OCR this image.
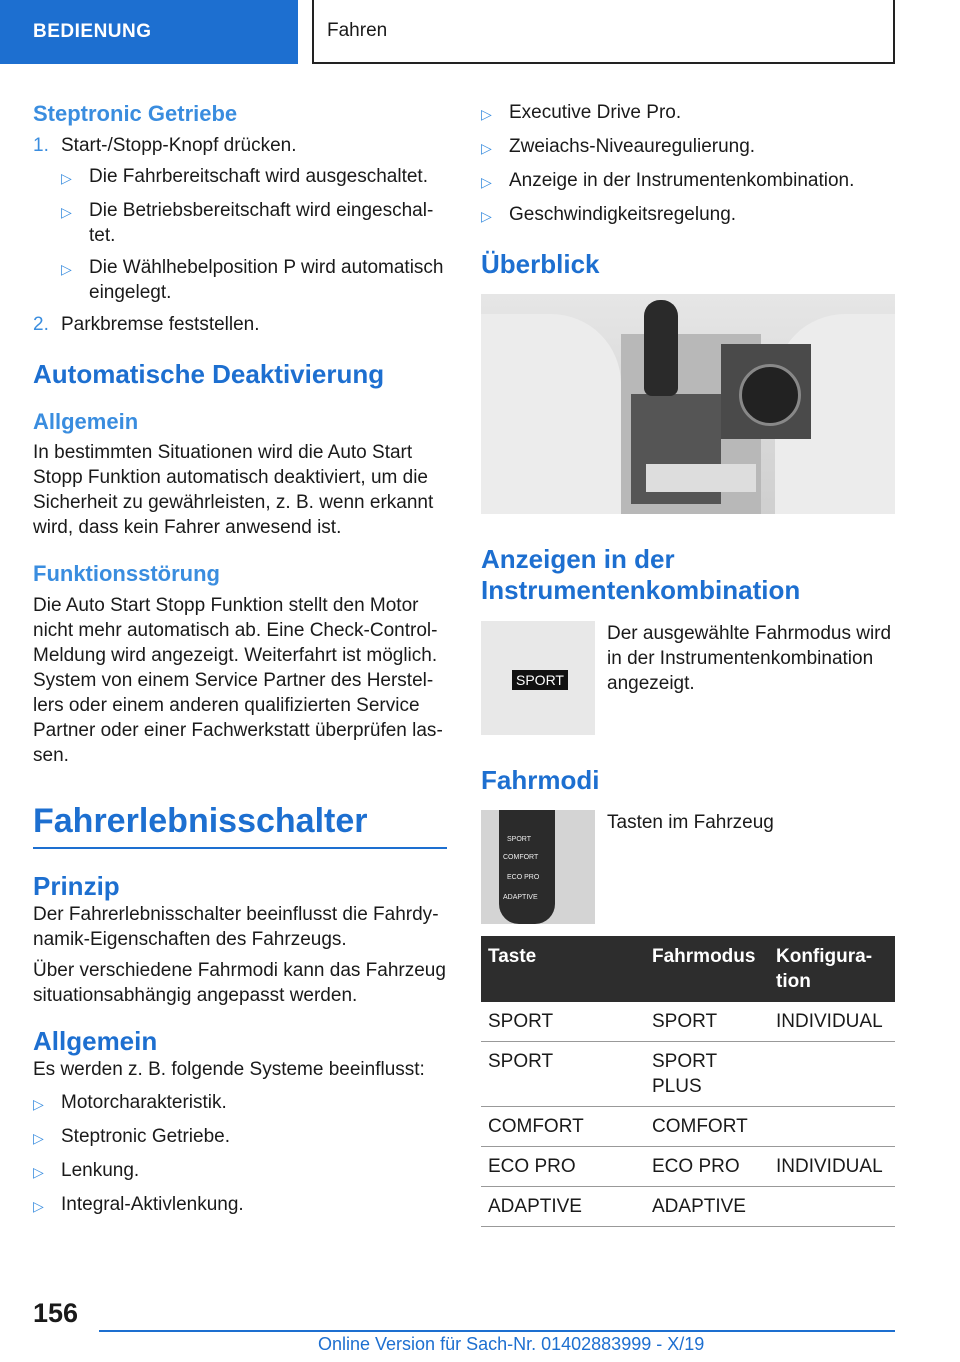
BEDIENUNG	Fahren
Steptronic Getriebe
1. Start-/Stopp-Knopf drücken.
▷ Die Fahrbereitschaft wird ausgeschaltet.
▷ Die Betriebsbereitschaft wird eingeschaltet.
▷ Die Wählhebelposition P wird automatisch eingelegt.
2. Parkbremse feststellen.
Automatische Deaktivierung
Allgemein

In bestimmten Situationen wird die Auto Start Stopp Funktion automatisch deaktiviert, um die Sicherheit zu gewährleisten, z. B. wenn erkannt wird, dass kein Fahrer anwesend ist.

Funktionsstörung

Die Auto Start Stopp Funktion stellt den Motor nicht mehr automatisch ab. Eine Check-Control-Meldung wird angezeigt. Weiterfahrt ist möglich. System von einem Service Partner des Herstellers oder einem anderen qualifizierten Service Partner oder einer Fachwerkstatt überprüfen lassen.

Fahrerlebnisschalter
Prinzip

Der Fahrerlebnisschalter beeinflusst die Fahrdynamik-Eigenschaften des Fahrzeugs.

Über verschiedene Fahrmodi kann das Fahrzeug situationsabhängig angepasst werden.

Allgemein

Es werden z. B. folgende Systeme beeinflusst:

▷ Motorcharakteristik.
▷ Steptronic Getriebe.
▷ Lenkung.
▷ Integral-Aktivlenkung.
▷ Executive Drive Pro.
▷ Zweiachs-Niveauregulierung.
▷ Anzeige in der Instrumentenkombination.
▷ Geschwindigkeitsregelung.
Überblick
Anzeigen in der Instrumentenkombination
SPORT

Der ausgewählte Fahrmodus wird in der Instrumentenkombination angezeigt.

Fahrmodi
SPORT
COMFORT
ECO PRO
ADAPTIVE

Tasten im Fahrzeug

Taste	Fahrmodus	Konfiguration
SPORT	SPORT	INDIVIDUAL
SPORT	SPORT PLUS	
COMFORT	COMFORT	
ECO PRO	ECO PRO	INDIVIDUAL
ADAPTIVE	ADAPTIVE	
156
Online Version für Sach-Nr. 01402883999 - X/19
